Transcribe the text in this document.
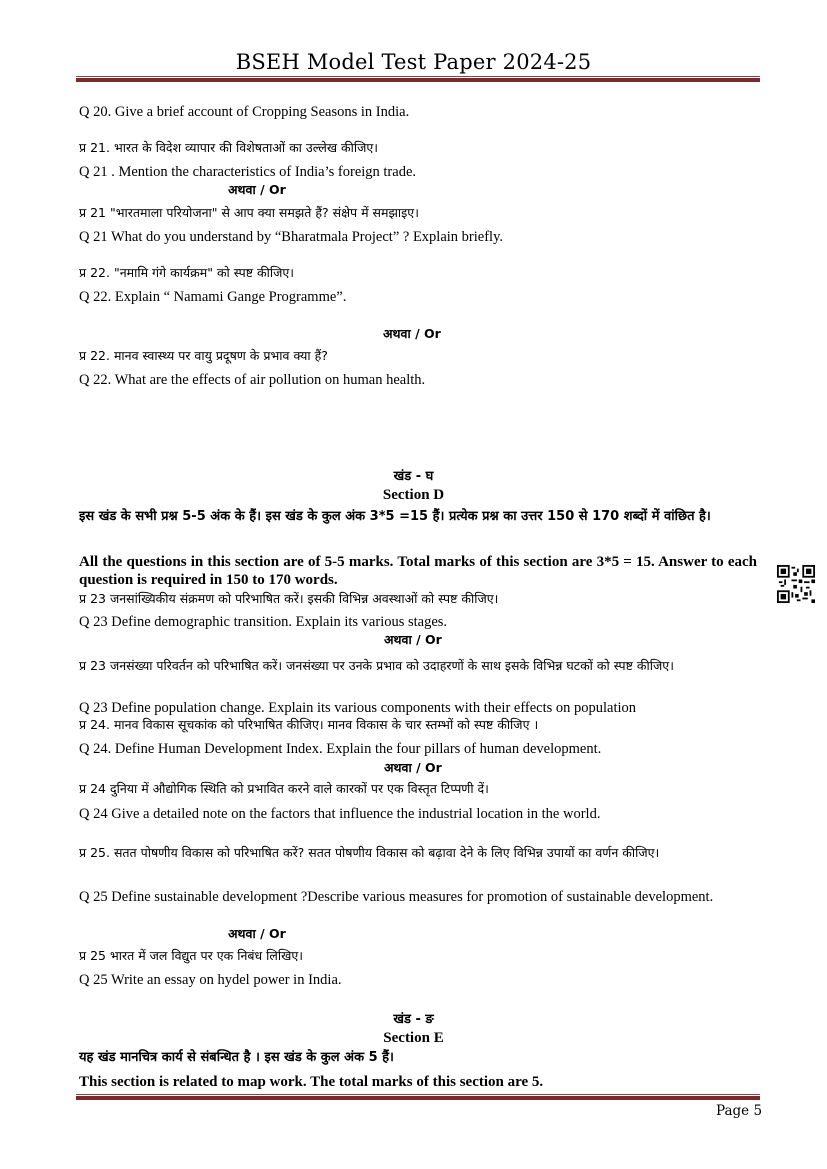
BSEH Model Test Paper 2024-25
Q 20. Give a brief account of Cropping Seasons in India.
प्र 21. भारत के विदेश व्यापार की विशेषताओं का उल्लेख कीजिए।
Q 21 . Mention the characteristics of India’s foreign trade.
अथवा / Or
प्र 21 "भारतमाला परियोजना" से आप क्या समझते हैं? संक्षेप में समझाइए।
Q 21 What do you understand by “Bharatmala Project” ? Explain briefly.
प्र 22. "नमामि गंगे कार्यक्रम" को स्पष्ट कीजिए।
Q 22. Explain “ Namami Gange Programme”.
अथवा / Or
प्र 22. मानव स्वास्थ्य पर वायु प्रदूषण के प्रभाव क्या हैं?
Q 22. What are the effects of air pollution on human health.
खंड - घ
Section D
इस खंड के सभी प्रश्न 5-5 अंक के हैं। इस खंड के कुल अंक 3*5 =15 हैं। प्रत्येक प्रश्न का उत्तर 150 से 170 शब्दों में वांछित है।
All the questions in this section are of 5-5 marks. Total marks of this section are 3*5 = 15. Answer to each question is required in 150 to 170 words.
प्र 23 जनसांख्यिकीय संक्रमण को परिभाषित करें। इसकी विभिन्न अवस्थाओं को स्पष्ट कीजिए।
Q 23 Define demographic transition. Explain its various stages.
अथवा / Or
प्र 23 जनसंख्या परिवर्तन को परिभाषित करें। जनसंख्या पर उनके प्रभाव को उदाहरणों के साथ इसके विभिन्न घटकों को स्पष्ट कीजिए।
Q 23 Define population change. Explain its various components with their effects on population
प्र 24. मानव विकास सूचकांक को परिभाषित कीजिए। मानव विकास के चार स्तम्भों को स्पष्ट कीजिए ।
Q 24. Define Human Development Index. Explain the four pillars of human development.
अथवा / Or
प्र 24 दुनिया में औद्योगिक स्थिति को प्रभावित करने वाले कारकों पर एक विस्तृत टिप्पणी दें।
Q 24 Give a detailed note on the factors that influence the industrial location in the world.
प्र 25. सतत पोषणीय विकास को परिभाषित करें? सतत पोषणीय विकास को बढ़ावा देने के लिए विभिन्न उपायों का वर्णन कीजिए।
Q 25 Define sustainable development ?Describe various measures for promotion of sustainable development.
अथवा / Or
प्र 25 भारत में जल विद्युत पर एक निबंध लिखिए।
Q 25 Write an essay on hydel power in India.
खंड - ङ
Section E
यह खंड मानचित्र कार्य से संबन्धित है । इस खंड के कुल अंक 5 हैं।
This section is related to map work. The total marks of this section are 5.
Page 5
